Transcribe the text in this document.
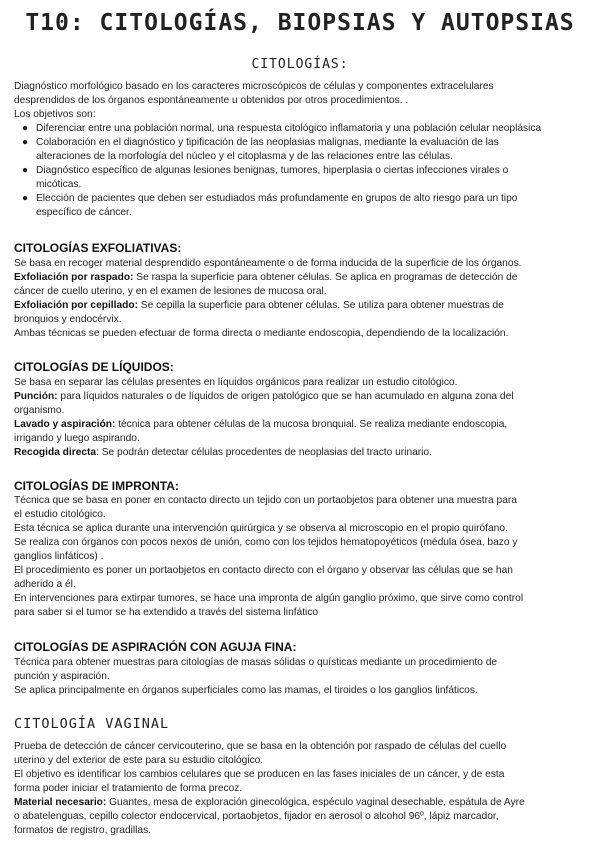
T10: CITOLOGÍAS, BIOPSIAS Y AUTOPSIAS
CITOLOGÍAS:

Diagnóstico morfológico basado en los caracteres microscópicos de células y componentes extracelulares
desprendidos de los órganos espontáneamente u obtenidos por otros procedimientos. .
Los objetivos son:

● Diferenciar entre una población normal, una respuesta citológico inflamatoria y una población celular neoplásica
● Colaboración en el diagnóstico y tipificación de las neoplasias malignas, mediante la evaluación de las
alteraciones de la morfología del núcleo y el citoplasma y de las relaciones entre las células.
● Diagnóstico específico de algunas lesiones benignas, tumores, hiperplasia o ciertas infecciones virales o
micóticas.
● Elección de pacientes que deben ser estudiados más profundamente en grupos de alto riesgo para un tipo
específico de cáncer.
CITOLOGÍAS EXFOLIATIVAS:

Se basa en recoger material desprendido espontáneamente o de forma inducida de la superficie de los órganos.
Exfoliación por raspado: Se raspa la superficie para obtener células. Se aplica en programas de detección de
cáncer de cuello uterino, y en el examen de lesiones de mucosa oral.
Exfoliación por cepillado: Se cepilla la superficie para obtener células. Se utiliza para obtener muestras de
bronquios y endocérvix.
Ambas técnicas se pueden efectuar de forma directa o mediante endoscopia, dependiendo de la localización.

CITOLOGÍAS DE LÍQUIDOS:

Se basa en separar las células presentes en líquidos orgánicos para realizar un estudio citológico.
Punción: para líquidos naturales o de líquidos de origen patológico que se han acumulado en alguna zona del
organismo.
Lavado y aspiración: técnica para obtener células de la mucosa bronquial. Se realiza mediante endoscopia,
irrigando y luego aspirando.
Recogida directa: Se podrán detectar células procedentes de neoplasias del tracto urinario.

CITOLOGÍAS DE IMPRONTA:

Técnica que se basa en poner en contacto directo un tejido con un portaobjetos para obtener una muestra para
el estudio citológico.
Esta técnica se aplica durante una intervención quirúrgica y se observa al microscopio en el propio quirófano.
Se realiza con órganos con pocos nexos de unión, como con los tejidos hematopoyéticos (médula ósea, bazo y
ganglios linfáticos) .
El procedimiento es poner un portaobjetos en contacto directo con el órgano y observar las células que se han
adherido a él.
En intervenciones para extirpar tumores, se hace una impronta de algún ganglio próximo, que sirve como control
para saber si el tumor se ha extendido a través del sistema linfático

CITOLOGÍAS DE ASPIRACIÓN CON AGUJA FINA:

Técnica para obtener muestras para citologías de masas sólidas o quísticas mediante un procedimiento de
punción y aspiración.
Se aplica principalmente en órganos superficiales como las mamas, el tiroides o los ganglios linfáticos.

CITOLOGÍA VAGINAL

Prueba de detección de cáncer cervicouterino, que se basa en la obtención por raspado de células del cuello
uterino y del exterior de este para su estudio citológico.
El objetivo es identificar los cambios celulares que se producen en las fases iniciales de un cáncer, y de esta
forma poder iniciar el tratamiento de forma precoz.
Material necesario: Guantes, mesa de exploración ginecológica, espéculo vaginal desechable, espátula de Ayre
o abatelenguas, cepillo colector endocervical, portaobjetos, fijador en aerosol o alcohol 96º, lápiz marcador,
formatos de registro, gradillas.
